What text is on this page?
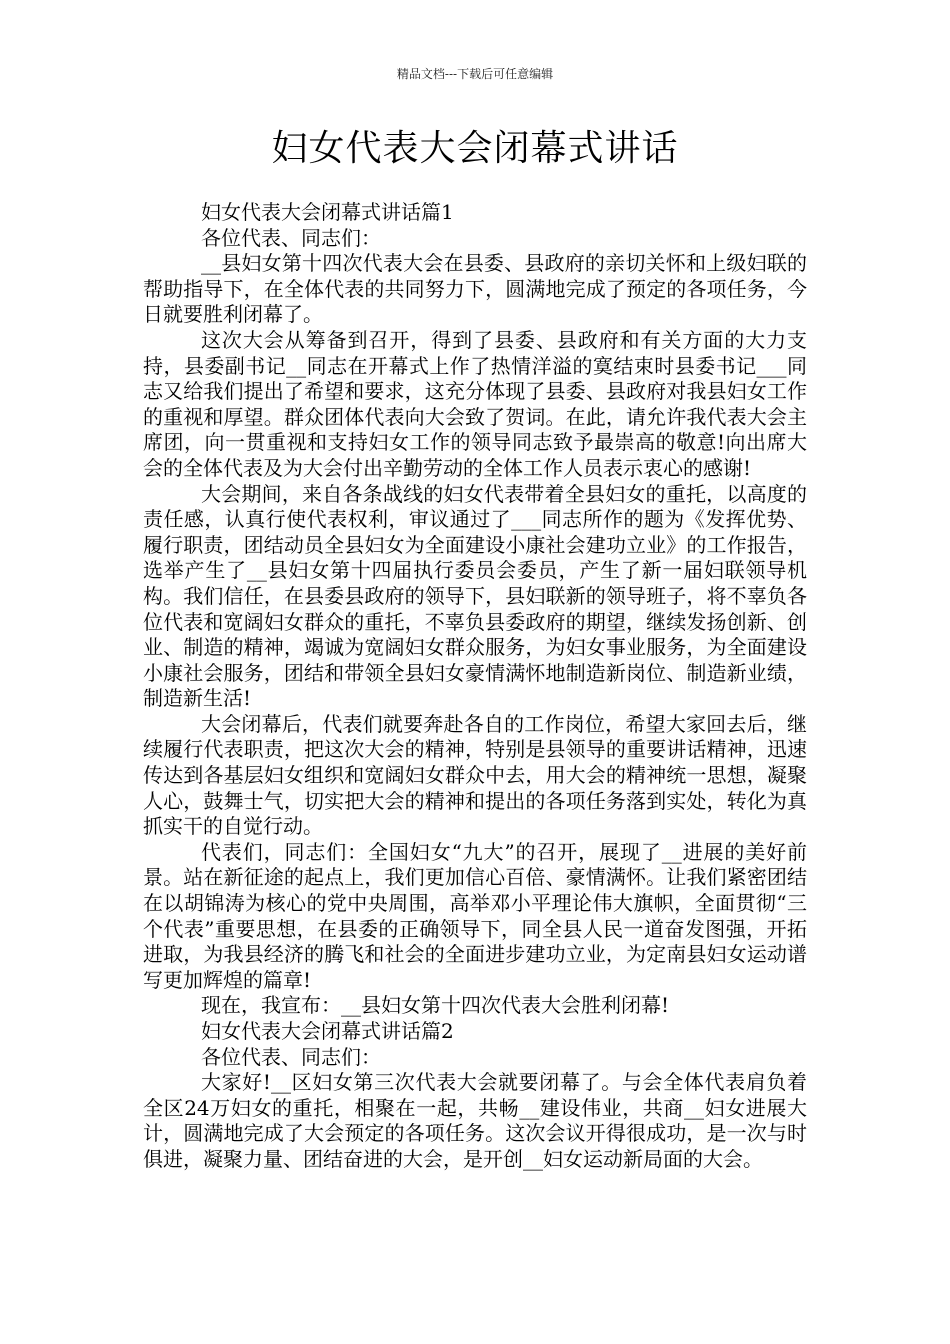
精品文档---下载后可任意编辑
妇女代表大会闭幕式讲话

妇女代表大会闭幕式讲话篇1

各位代表、同志们：

__县妇女第十四次代表大会在县委、县政府的亲切关怀和上级妇联的帮助指导下，在全体代表的共同努力下，圆满地完成了预定的各项任务，今日就要胜利闭幕了。

这次大会从筹备到召开，得到了县委、县政府和有关方面的大力支持，县委副书记__同志在开幕式上作了热情洋溢的寞结束时县委书记___同志又给我们提出了希望和要求，这充分体现了县委、县政府对我县妇女工作的重视和厚望。群众团体代表向大会致了贺词。在此，请允许我代表大会主席团，向一贯重视和支持妇女工作的领导同志致予最崇高的敬意!向出席大会的全体代表及为大会付出辛勤劳动的全体工作人员表示衷心的感谢!

大会期间，来自各条战线的妇女代表带着全县妇女的重托，以高度的责任感，认真行使代表权利，审议通过了___同志所作的题为《发挥优势、履行职责，团结动员全县妇女为全面建设小康社会建功立业》的工作报告，选举产生了__县妇女第十四届执行委员会委员，产生了新一届妇联领导机构。我们信任，在县委县政府的领导下，县妇联新的领导班子，将不辜负各位代表和宽阔妇女群众的重托，不辜负县委政府的期望，继续发扬创新、创业、制造的精神，竭诚为宽阔妇女群众服务，为妇女事业服务，为全面建设小康社会服务，团结和带领全县妇女豪情满怀地制造新岗位、制造新业绩，制造新生活!

大会闭幕后，代表们就要奔赴各自的工作岗位，希望大家回去后，继续履行代表职责，把这次大会的精神，特别是县领导的重要讲话精神，迅速传达到各基层妇女组织和宽阔妇女群众中去，用大会的精神统一思想，凝聚人心，鼓舞士气，切实把大会的精神和提出的各项任务落到实处，转化为真抓实干的自觉行动。

代表们，同志们：全国妇女“九大”的召开，展现了__进展的美好前景。站在新征途的起点上，我们更加信心百倍、豪情满怀。让我们紧密团结在以胡锦涛为核心的党中央周围，高举邓小平理论伟大旗帜，全面贯彻“三个代表”重要思想，在县委的正确领导下，同全县人民一道奋发图强，开拓进取，为我县经济的腾飞和社会的全面进步建功立业，为定南县妇女运动谱写更加辉煌的篇章!

现在，我宣布：__县妇女第十四次代表大会胜利闭幕!

妇女代表大会闭幕式讲话篇2

各位代表、同志们：

大家好!__区妇女第三次代表大会就要闭幕了。与会全体代表肩负着全区24万妇女的重托，相聚在一起，共畅__建设伟业，共商__妇女进展大计，圆满地完成了大会预定的各项任务。这次会议开得很成功，是一次与时俱进，凝聚力量、团结奋进的大会，是开创__妇女运动新局面的大会。
